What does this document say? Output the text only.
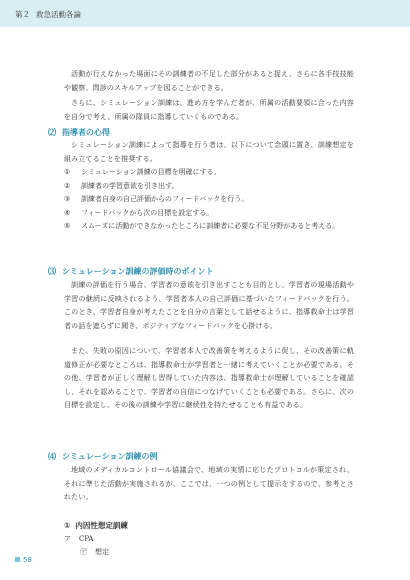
第２ 救急活動各論

活動が行えなかった場面にその訓練者の不足した部分があると捉え、さらに各手技技能や観察、問診のスキルアップを図ることができる。

さらに、シミュレーション訓練は、進め方を学んだ者が、所属の活動要領に合った内容を自分で考え、所属の隊員に指導していくものである。

⑵ 指導者の心得

シミュレーション訓練によって指導を行う者は、以下について念頭に置き、訓練想定を組み立てることを推奨する。

① シミュレーション訓練の目標を明確にする。
② 訓練者の学習意欲を引き出す。
③ 訓練者自身の自己評価からのフィードバックを行う。
④ フィードバックから次の目標を設定する。
⑤ スムーズに活動ができなかったところに訓練者に必要な不足分野があると考える。
⑶ シミュレーション訓練の評価時のポイント

訓練の評価を行う場合、学習者の意欲を引き出すことも目的とし、学習者の現場活動や学習の継続に反映されるよう、学習者本人の自己評価に基づいたフィードバックを行う。このとき、学習者自身が考えたことを自分の言葉として話せるように、指導救命士は学習者の話を遮らずに聞き、ポジティブなフィードバックを心掛ける。

また、失敗の原因について、学習者本人で改善策を考えるように促し、その改善策に軌道修正が必要なところは、指導救命士が学習者と一緒に考えていくことが必要である。その他、学習者が正しく理解し習得していた内容は、指導救命士が理解していることを確認し、それを認めることで、学習者の自信につなげていくことも必要である。さらに、次の目標を設定し、その後の訓練や学習に継続性を持たせることも有益である。

⑷ シミュレーション訓練の例

地域のメディカルコントロール協議会で、地域の実情に応じたプロトコルが策定され、それに準じた活動が実施されるが、ここでは、一つの例として提示をするので、参考とされたい。

① 内因性想定訓練
ア CPA
㋐ 想定
58
